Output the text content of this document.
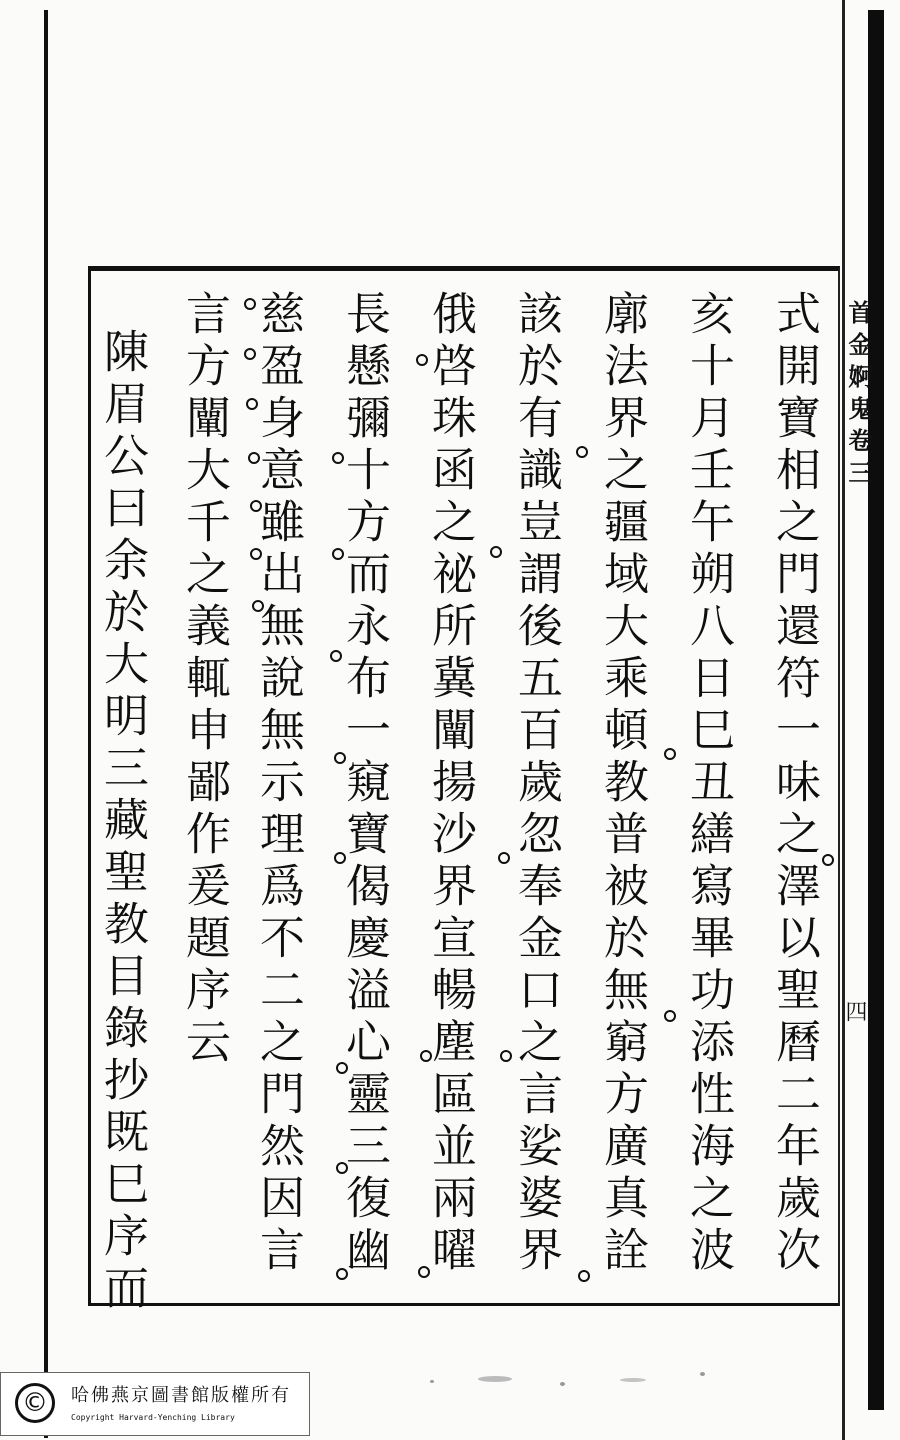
首金婀鬼卷三
四
式開寶相之門還符一味之澤以聖曆二年歲次
亥十月壬午朔八日巳丑繕寫畢功添性海之波
廓法界之疆域大乘頓教普被於無窮方廣真詮
該於有識豈謂後五百歲忽奉金口之言娑婆界
俄啓珠函之祕所冀闡揚沙界宣暢塵區並兩曜
長懸彌十方而永布一窺寶偈慶溢心靈三復幽
慈盈身意雖出無說無示理爲不二之門然因言
言方闡大千之義輒申鄙作爰題序云
陳眉公曰余於大明三藏聖教目錄抄既巳序而
©	哈佛燕京圖書館版權所有
Copyright Harvard-Yenching Library
